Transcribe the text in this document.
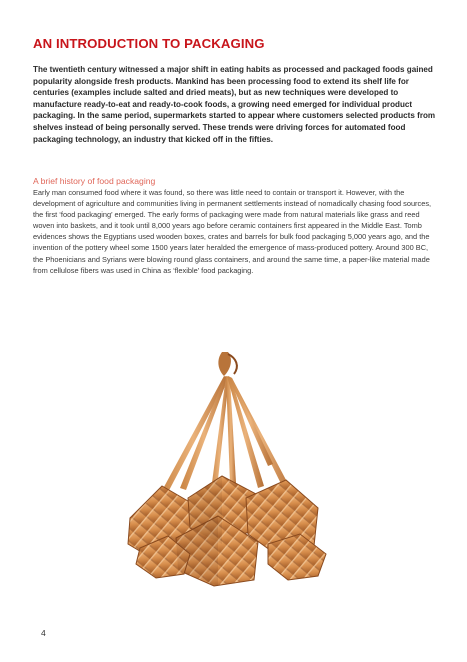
AN INTRODUCTION TO PACKAGING
The twentieth century witnessed a major shift in eating habits as processed and packaged foods gained popularity alongside fresh products. Mankind has been processing food to extend its shelf life for centuries (examples include salted and dried meats), but as new techniques were developed to manufacture ready-to-eat and ready-to-cook foods, a growing need emerged for individual product packaging. In the same period, supermarkets started to appear where customers selected products from shelves instead of being personally served. These trends were driving forces for automated food packaging technology, an industry that kicked off in the fifties.
A brief history of food packaging
Early man consumed food where it was found, so there was little need to contain or transport it. However, with the development of agriculture and communities living in permanent settlements instead of nomadically chasing food sources, the first ‘food packaging’ emerged. The early forms of packaging were made from natural materials like grass and reed woven into baskets, and it took until 8,000 years ago before ceramic containers first appeared in the Middle East. Tomb evidences shows the Egyptians used wooden boxes, crates and barrels for bulk food packaging 5,000 years ago, and the invention of the pottery wheel some 1500 years later heralded the emergence of mass-produced pottery. Around 300 BC, the Phoenicians and Syrians were blowing round glass containers, and around the same time, a paper-like material made from cellulose fibers was used in China as ‘flexible’ food packaging.
4
